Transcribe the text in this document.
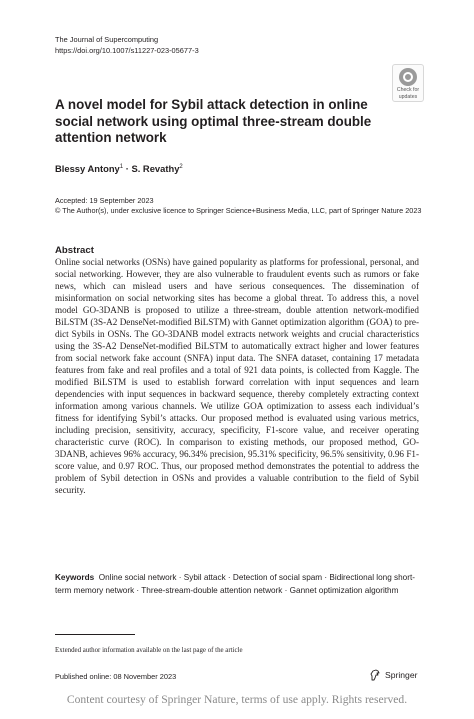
The Journal of Supercomputing
https://doi.org/10.1007/s11227-023-05677-3
Check for
updates
A novel model for Sybil attack detection in online social network using optimal three-stream double attention network
Blessy Antony$^1$ · S. Revathy$^2$
Accepted: 19 September 2023
© The Author(s), under exclusive licence to Springer Science+Business Media, LLC, part of Springer Nature 2023
Abstract
Online social networks (OSNs) have gained popularity as platforms for professional, personal, and social networking. However, they are also vulnerable to fraudulent events such as rumors or fake news, which can mislead users and have serious consequences. The dissemination of misinformation on social networking sites has become a global threat. To address this, a novel model GO-3DANB is proposed to utilize a three-stream, double attention network-modified BiLSTM (3S-A2 DenseNet-modified BiLSTM) with Gannet optimization algorithm (GOA) to predict Sybils in OSNs. The GO-3DANB model extracts network weights and crucial characteristics using the 3S-A2 DenseNet-modified BiLSTM to automatically extract higher and lower features from social network fake account (SNFA) input data. The SNFA dataset, containing 17 metadata features from fake and real profiles and a total of 921 data points, is collected from Kaggle. The modified BiLSTM is used to establish forward correlation with input sequences and learn dependencies with input sequences in backward sequence, thereby completely extracting context information among various channels. We utilize GOA optimization to assess each individual’s fitness for identifying Sybil’s attacks. Our proposed method is evaluated using various metrics, including precision, sensitivity, accuracy, specificity, F1-score value, and receiver operating characteristic curve (ROC). In comparison to existing methods, our proposed method, GO-3DANB, achieves 96% accuracy, 96.34% precision, 95.31% specificity, 96.5% sensitivity, 0.96 F1-score value, and 0.97 ROC. Thus, our proposed method demonstrates the potential to address the problem of Sybil detection in OSNs and provides a valuable contribution to the field of Sybil security.
Keywords Online social network · Sybil attack · Detection of social spam · Bidirectional long short-term memory network · Three-stream-double attention network · Gannet optimization algorithm
Extended author information available on the last page of the article
Published online: 08 November 2023	Springer
Content courtesy of Springer Nature, terms of use apply. Rights reserved.
